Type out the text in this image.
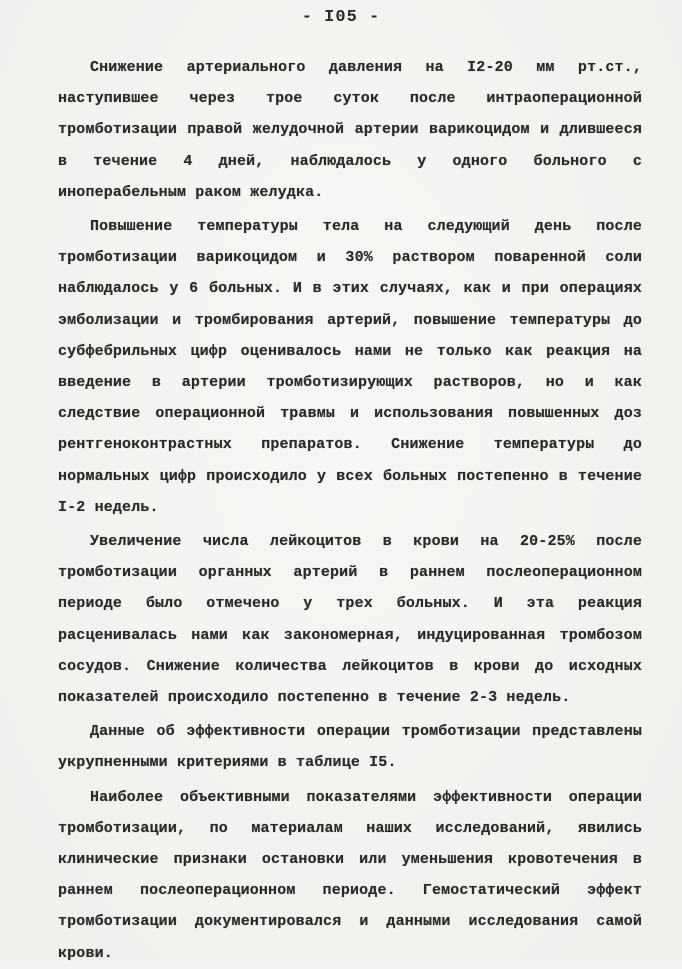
- I05 -

Снижение артериального давления на I2-20 мм рт.ст., наступившее через трое суток после интраоперационной тромботизации правой желудочной артерии варикоцидом и длившееся в течение 4 дней, наблюдалось у одного больного с иноперабельным раком желудка.

Повышение температуры тела на следующий день после тромботизации варикоцидом и 30% раствором поваренной соли наблюдалось у 6 больных. И в этих случаях, как и при операциях эмболизации и тромбирования артерий, повышение температуры до субфебрильных цифр оценивалось нами не только как реакция на введение в артерии тромботизирующих растворов, но и как следствие операционной травмы и использования повышенных доз рентгеноконтрастных препаратов. Снижение температуры до нормальных цифр происходило у всех больных постепенно в течение I-2 недель.

Увеличение числа лейкоцитов в крови на 20-25% после тромботизации органных артерий в раннем послеоперационном периоде было отмечено у трех больных. И эта реакция расценивалась нами как закономерная, индуцированная тромбозом сосудов. Снижение количества лейкоцитов в крови до исходных показателей происходило постепенно в течение 2-3 недель.

Данные об эффективности операции тромботизации представлены укрупненными критериями в таблице I5.

Наиболее объективными показателями эффективности операции тромботизации, по материалам наших исследований, явились клинические признаки остановки или уменьшения кровотечения в раннем послеоперационном периоде. Гемостатический эффект тромботизации документировался и данными исследования самой крови.
